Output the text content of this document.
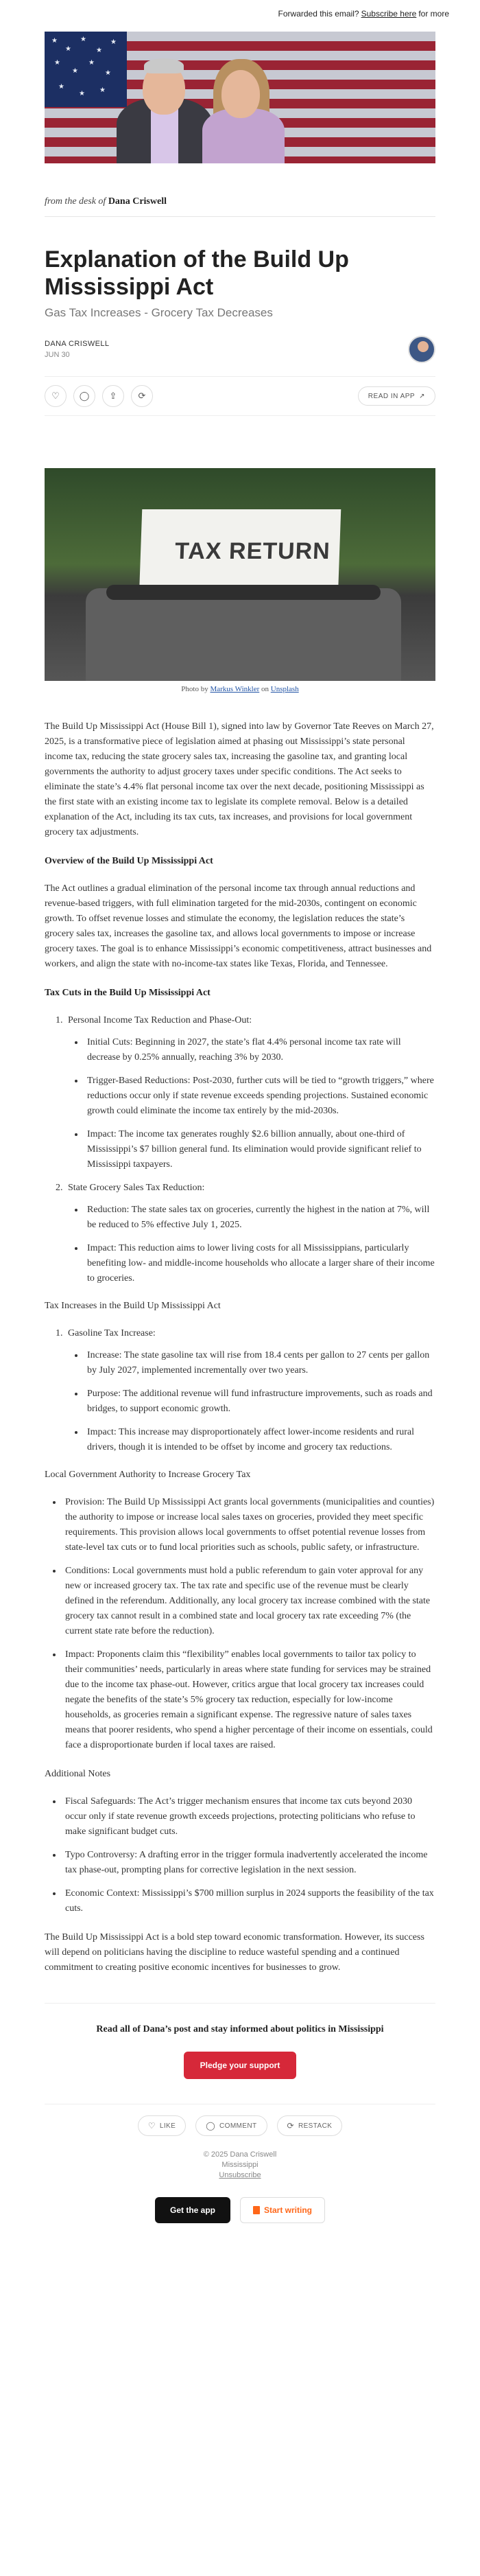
Forwarded this email? Subscribe here for more
★
★
★
★
★
★
★
★
★
★
★ ★
from the desk of Dana Criswell
Explanation of the Build Up Mississippi Act
Gas Tax Increases - Grocery Tax Decreases
DANA CRISWELL
JUN 30
♡	◯	⇪	⟳	READ IN APP ↗
TAX RETURN
Photo by Markus Winkler on Unsplash

The Build Up Mississippi Act (House Bill 1), signed into law by Governor Tate Reeves on March 27, 2025, is a transformative piece of legislation aimed at phasing out Mississippi’s state personal income tax, reducing the state grocery sales tax, increasing the gasoline tax, and granting local governments the authority to adjust grocery taxes under specific conditions. The Act seeks to eliminate the state’s 4.4% flat personal income tax over the next decade, positioning Mississippi as the first state with an existing income tax to legislate its complete removal. Below is a detailed explanation of the Act, including its tax cuts, tax increases, and provisions for local government grocery tax adjustments.

Overview of the Build Up Mississippi Act

The Act outlines a gradual elimination of the personal income tax through annual reductions and revenue-based triggers, with full elimination targeted for the mid-2030s, contingent on economic growth. To offset revenue losses and stimulate the economy, the legislation reduces the state’s grocery sales tax, increases the gasoline tax, and allows local governments to impose or increase grocery taxes. The goal is to enhance Mississippi’s economic competitiveness, attract businesses and workers, and align the state with no-income-tax states like Texas, Florida, and Tennessee.

Tax Cuts in the Build Up Mississippi Act
1. Personal Income Tax Reduction and Phase-Out:
• Initial Cuts: Beginning in 2027, the state’s flat 4.4% personal income tax rate will decrease by 0.25% annually, reaching 3% by 2030.
• Trigger-Based Reductions: Post-2030, further cuts will be tied to “growth triggers,” where reductions occur only if state revenue exceeds spending projections. Sustained economic growth could eliminate the income tax entirely by the mid-2030s.
• Impact: The income tax generates roughly $2.6 billion annually, about one-third of Mississippi’s $7 billion general fund. Its elimination would provide significant relief to Mississippi taxpayers.
2. State Grocery Sales Tax Reduction:
• Reduction: The state sales tax on groceries, currently the highest in the nation at 7%, will be reduced to 5% effective July 1, 2025.
• Impact: This reduction aims to lower living costs for all Mississippians, particularly benefiting low- and middle-income households who allocate a larger share of their income to groceries.
Tax Increases in the Build Up Mississippi Act
1. Gasoline Tax Increase:
• Increase: The state gasoline tax will rise from 18.4 cents per gallon to 27 cents per gallon by July 2027, implemented incrementally over two years.
• Purpose: The additional revenue will fund infrastructure improvements, such as roads and bridges, to support economic growth.
• Impact: This increase may disproportionately affect lower-income residents and rural drivers, though it is intended to be offset by income and grocery tax reductions.
Local Government Authority to Increase Grocery Tax
• Provision: The Build Up Mississippi Act grants local governments (municipalities and counties) the authority to impose or increase local sales taxes on groceries, provided they meet specific requirements. This provision allows local governments to offset potential revenue losses from state-level tax cuts or to fund local priorities such as schools, public safety, or infrastructure.
• Conditions: Local governments must hold a public referendum to gain voter approval for any new or increased grocery tax. The tax rate and specific use of the revenue must be clearly defined in the referendum. Additionally, any local grocery tax increase combined with the state grocery tax cannot result in a combined state and local grocery tax rate exceeding 7% (the current state rate before the reduction).
• Impact: Proponents claim this “flexibility” enables local governments to tailor tax policy to their communities’ needs, particularly in areas where state funding for services may be strained due to the income tax phase-out. However, critics argue that local grocery tax increases could negate the benefits of the state’s 5% grocery tax reduction, especially for low-income households, as groceries remain a significant expense. The regressive nature of sales taxes means that poorer residents, who spend a higher percentage of their income on essentials, could face a disproportionate burden if local taxes are raised.
Additional Notes
• Fiscal Safeguards: The Act’s trigger mechanism ensures that income tax cuts beyond 2030 occur only if state revenue growth exceeds projections, protecting politicians who refuse to make significant budget cuts.
• Typo Controversy: A drafting error in the trigger formula inadvertently accelerated the income tax phase-out, prompting plans for corrective legislation in the next session.
• Economic Context: Mississippi’s $700 million surplus in 2024 supports the feasibility of the tax cuts.

The Build Up Mississippi Act is a bold step toward economic transformation. However, its success will depend on politicians having the discipline to reduce wasteful spending and a continued commitment to creating positive economic incentives for businesses to grow.

Read all of Dana’s post and stay informed about politics in Mississippi
Pledge your support
♡ LIKE	◯ COMMENT	⟳ RESTACK
© 2025 Dana Criswell
Mississippi
Unsubscribe
Get the app	Start writing
